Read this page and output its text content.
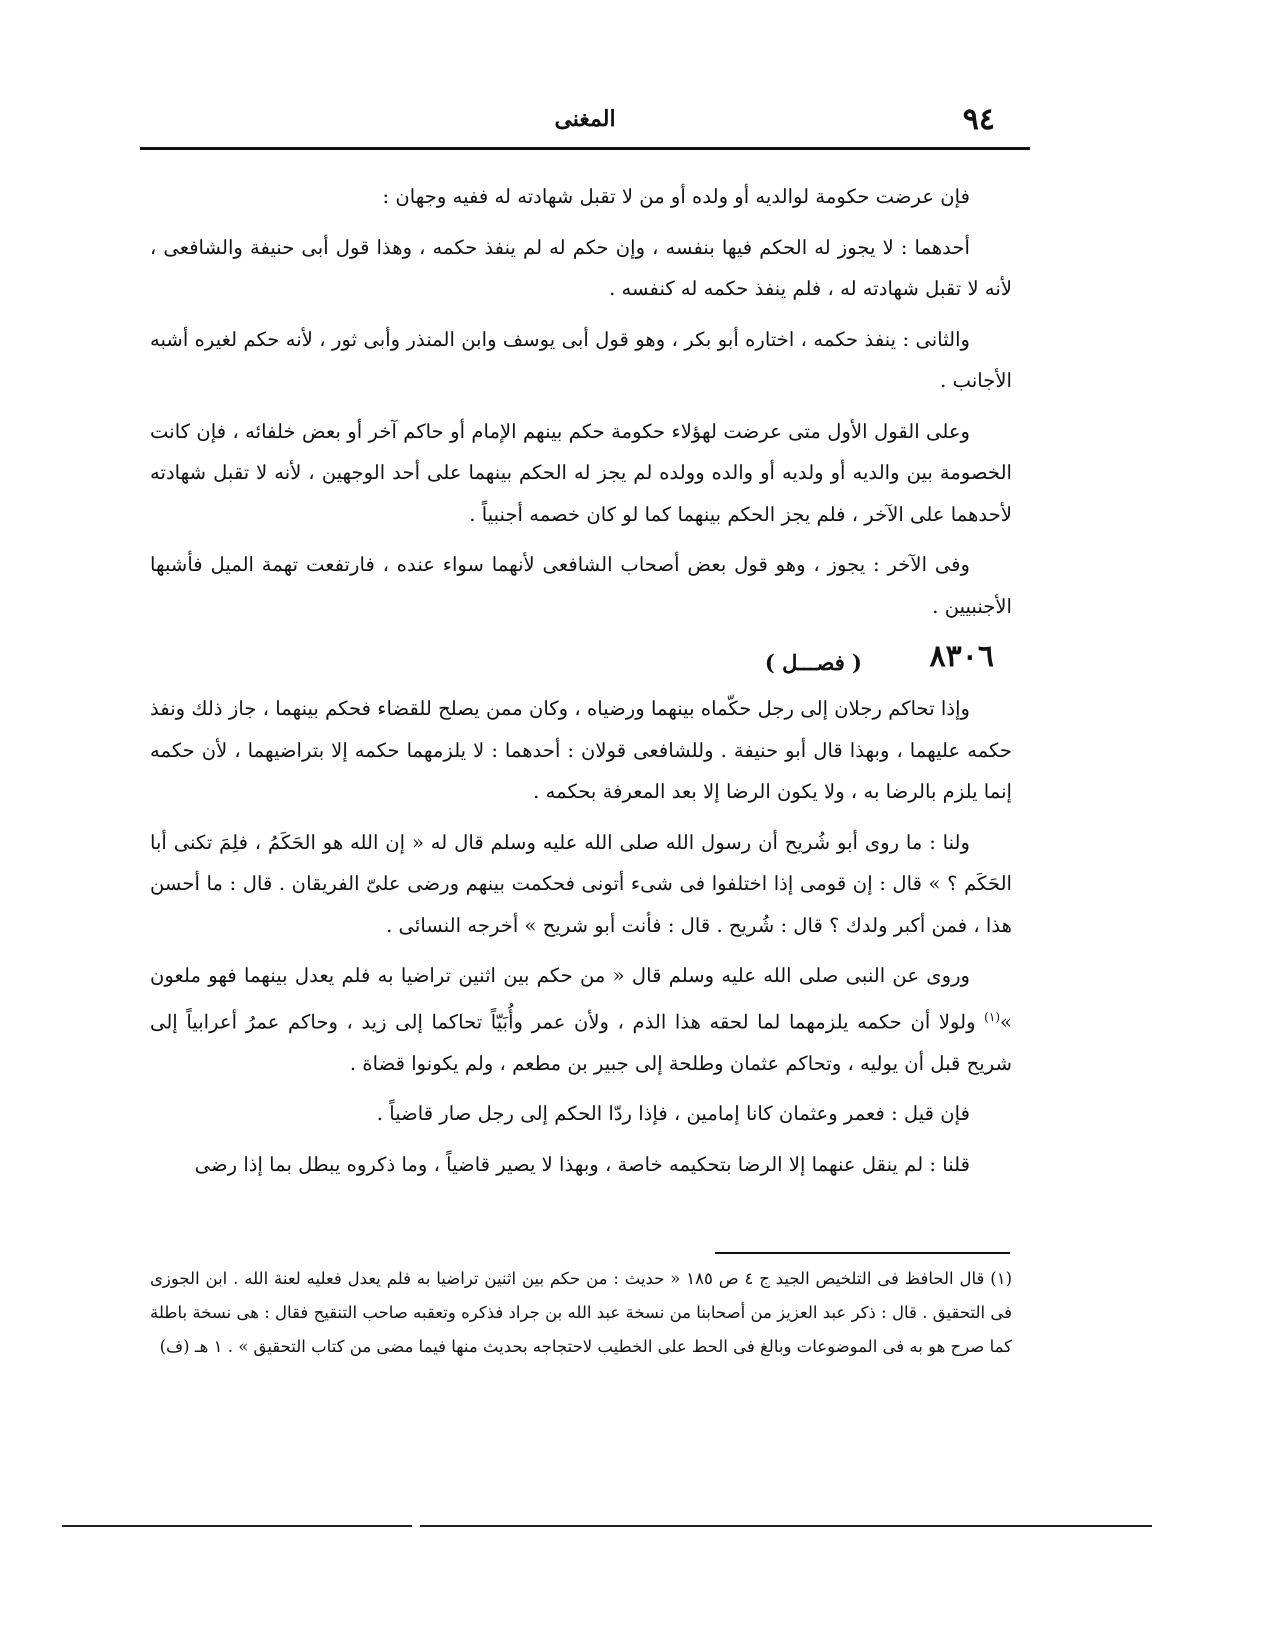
٩٤
المغنى

فإن عرضت حكومة لوالديه أو ولده أو من لا تقبل شهادته له ففيه وجهان :

أحدهما : لا يجوز له الحكم فيها بنفسه ، وإن حكم له لم ينفذ حكمه ، وهذا قول أبى حنيفة والشافعى ، لأنه لا تقبل شهادته له ، فلم ينفذ حكمه له كنفسه .

والثانى : ينفذ حكمه ، اختاره أبو بكر ، وهو قول أبى يوسف وابن المنذر وأبى ثور ، لأنه حكم لغيره أشبه الأجانب .

وعلى القول الأول متى عرضت لهؤلاء حكومة حكم بينهم الإمام أو حاكم آخر أو بعض خلفائه ، فإن كانت الخصومة بين والديه أو ولديه أو والده وولده لم يجز له الحكم بينهما على أحد الوجهين ، لأنه لا تقبل شهادته لأحدهما على الآخر ، فلم يجز الحكم بينهما كما لو كان خصمه أجنبياً .

وفى الآخر : يجوز ، وهو قول بعض أصحاب الشافعى لأنهما سواء عنده ، فارتفعت تهمة الميل فأشبها الأجنبيين .

٨٣٠٦
( فصـــل )

وإذا تحاكم رجلان إلى رجل حكّماه بينهما ورضياه ، وكان ممن يصلح للقضاء فحكم بينهما ، جاز ذلك ونفذ حكمه عليهما ، وبهذا قال أبو حنيفة . وللشافعى قولان : أحدهما : لا يلزمهما حكمه إلا بتراضيهما ، لأن حكمه إنما يلزم بالرضا به ، ولا يكون الرضا إلا بعد المعرفة بحكمه .

ولنا : ما روى أبو شُريح أن رسول الله صلى الله عليه وسلم قال له « إن الله هو الحَكَمُ ، فلِمَ تكنى أبا الحَكَم ؟ » قال : إن قومى إذا اختلفوا فى شىء أتونى فحكمت بينهم ورضى علىّ الفريقان . قال : ما أحسن هذا ، فمن أكبر ولدك ؟ قال : شُريح . قال : فأنت أبو شريح » أخرجه النسائى .

وروى عن النبى صلى الله عليه وسلم قال « من حكم بين اثنين تراضيا به فلم يعدل بينهما فهو ملعون »$^{(١)}$ ولولا أن حكمه يلزمهما لما لحقه هذا الذم ، ولأن عمر وأُبَيّاً تحاكما إلى زيد ، وحاكم عمرُ أعرابياً إلى شريح قبل أن يوليه ، وتحاكم عثمان وطلحة إلى جبير بن مطعم ، ولم يكونوا قضاة .

فإن قيل : فعمر وعثمان كانا إمامين ، فإذا ردّا الحكم إلى رجل صار قاضياً .

قلنا : لم ينقل عنهما إلا الرضا بتحكيمه خاصة ، وبهذا لا يصير قاضياً ، وما ذكروه يبطل بما إذا رضى

(١) قال الحافظ فى التلخيص الجيد ج ٤ ص ١٨٥ « حديث : من حكم بين اثنين تراضيا به فلم يعدل فعليه لعنة الله . ابن الجوزى فى التحقيق . قال : ذكر عبد العزيز من أصحابنا من نسخة عبد الله بن جراد فذكره وتعقبه صاحب التنقيح فقال : هى نسخة باطلة كما صرح هو به فى الموضوعات وبالغ فى الحط على الخطيب لاحتجاجه بحديث منها فيما مضى من كتاب التحقيق » . ١ هـ (ف)
